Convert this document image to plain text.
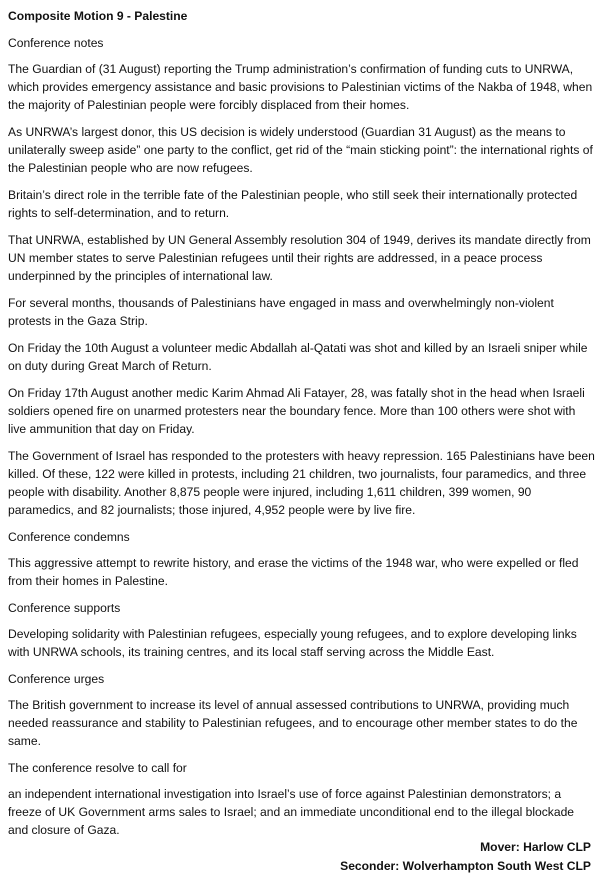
Composite Motion 9 - Palestine
Conference notes
The Guardian of (31 August) reporting the Trump administration’s confirmation of funding cuts to UNRWA, which provides emergency assistance and basic provisions to Palestinian victims of the Nakba of 1948, when the majority of Palestinian people were forcibly displaced from their homes.
As UNRWA’s largest donor, this US decision is widely understood (Guardian 31 August) as the means to unilaterally sweep aside” one party to the conflict, get rid of the “main sticking point”: the international rights of the Palestinian people who are now refugees.
Britain’s direct role in the terrible fate of the Palestinian people, who still seek their internationally protected rights to self-determination, and to return.
That UNRWA, established by UN General Assembly resolution 304 of 1949, derives its mandate directly from UN member states to serve Palestinian refugees until their rights are addressed, in a peace process underpinned by the principles of international law.
For several months, thousands of Palestinians have engaged in mass and overwhelmingly non-violent protests in the Gaza Strip.
On Friday the 10th August a volunteer medic Abdallah al-Qatati was shot and killed by an Israeli sniper while on duty during Great March of Return.
On Friday 17th August another medic Karim Ahmad Ali Fatayer, 28, was fatally shot in the head when Israeli soldiers opened fire on unarmed protesters near the boundary fence. More than 100 others were shot with live ammunition that day on Friday.
The Government of Israel has responded to the protesters with heavy repression. 165 Palestinians have been killed. Of these, 122 were killed in protests, including 21 children, two journalists, four paramedics, and three people with disability. Another 8,875 people were injured, including 1,611 children, 399 women, 90 paramedics, and 82 journalists; those injured, 4,952 people were by live fire.
Conference condemns
This aggressive attempt to rewrite history, and erase the victims of the 1948 war, who were expelled or fled from their homes in Palestine.
Conference supports
Developing solidarity with Palestinian refugees, especially young refugees, and to explore developing links with UNRWA schools, its training centres, and its local staff serving across the Middle East.
Conference urges
The British government to increase its level of annual assessed contributions to UNRWA, providing much needed reassurance and stability to Palestinian refugees, and to encourage other member states to do the same.
The conference resolve to call for
an independent international investigation into Israel’s use of force against Palestinian demonstrators; a freeze of UK Government arms sales to Israel; and an immediate unconditional end to the illegal blockade and closure of Gaza.
Mover: Harlow CLP
Seconder: Wolverhampton South West CLP
